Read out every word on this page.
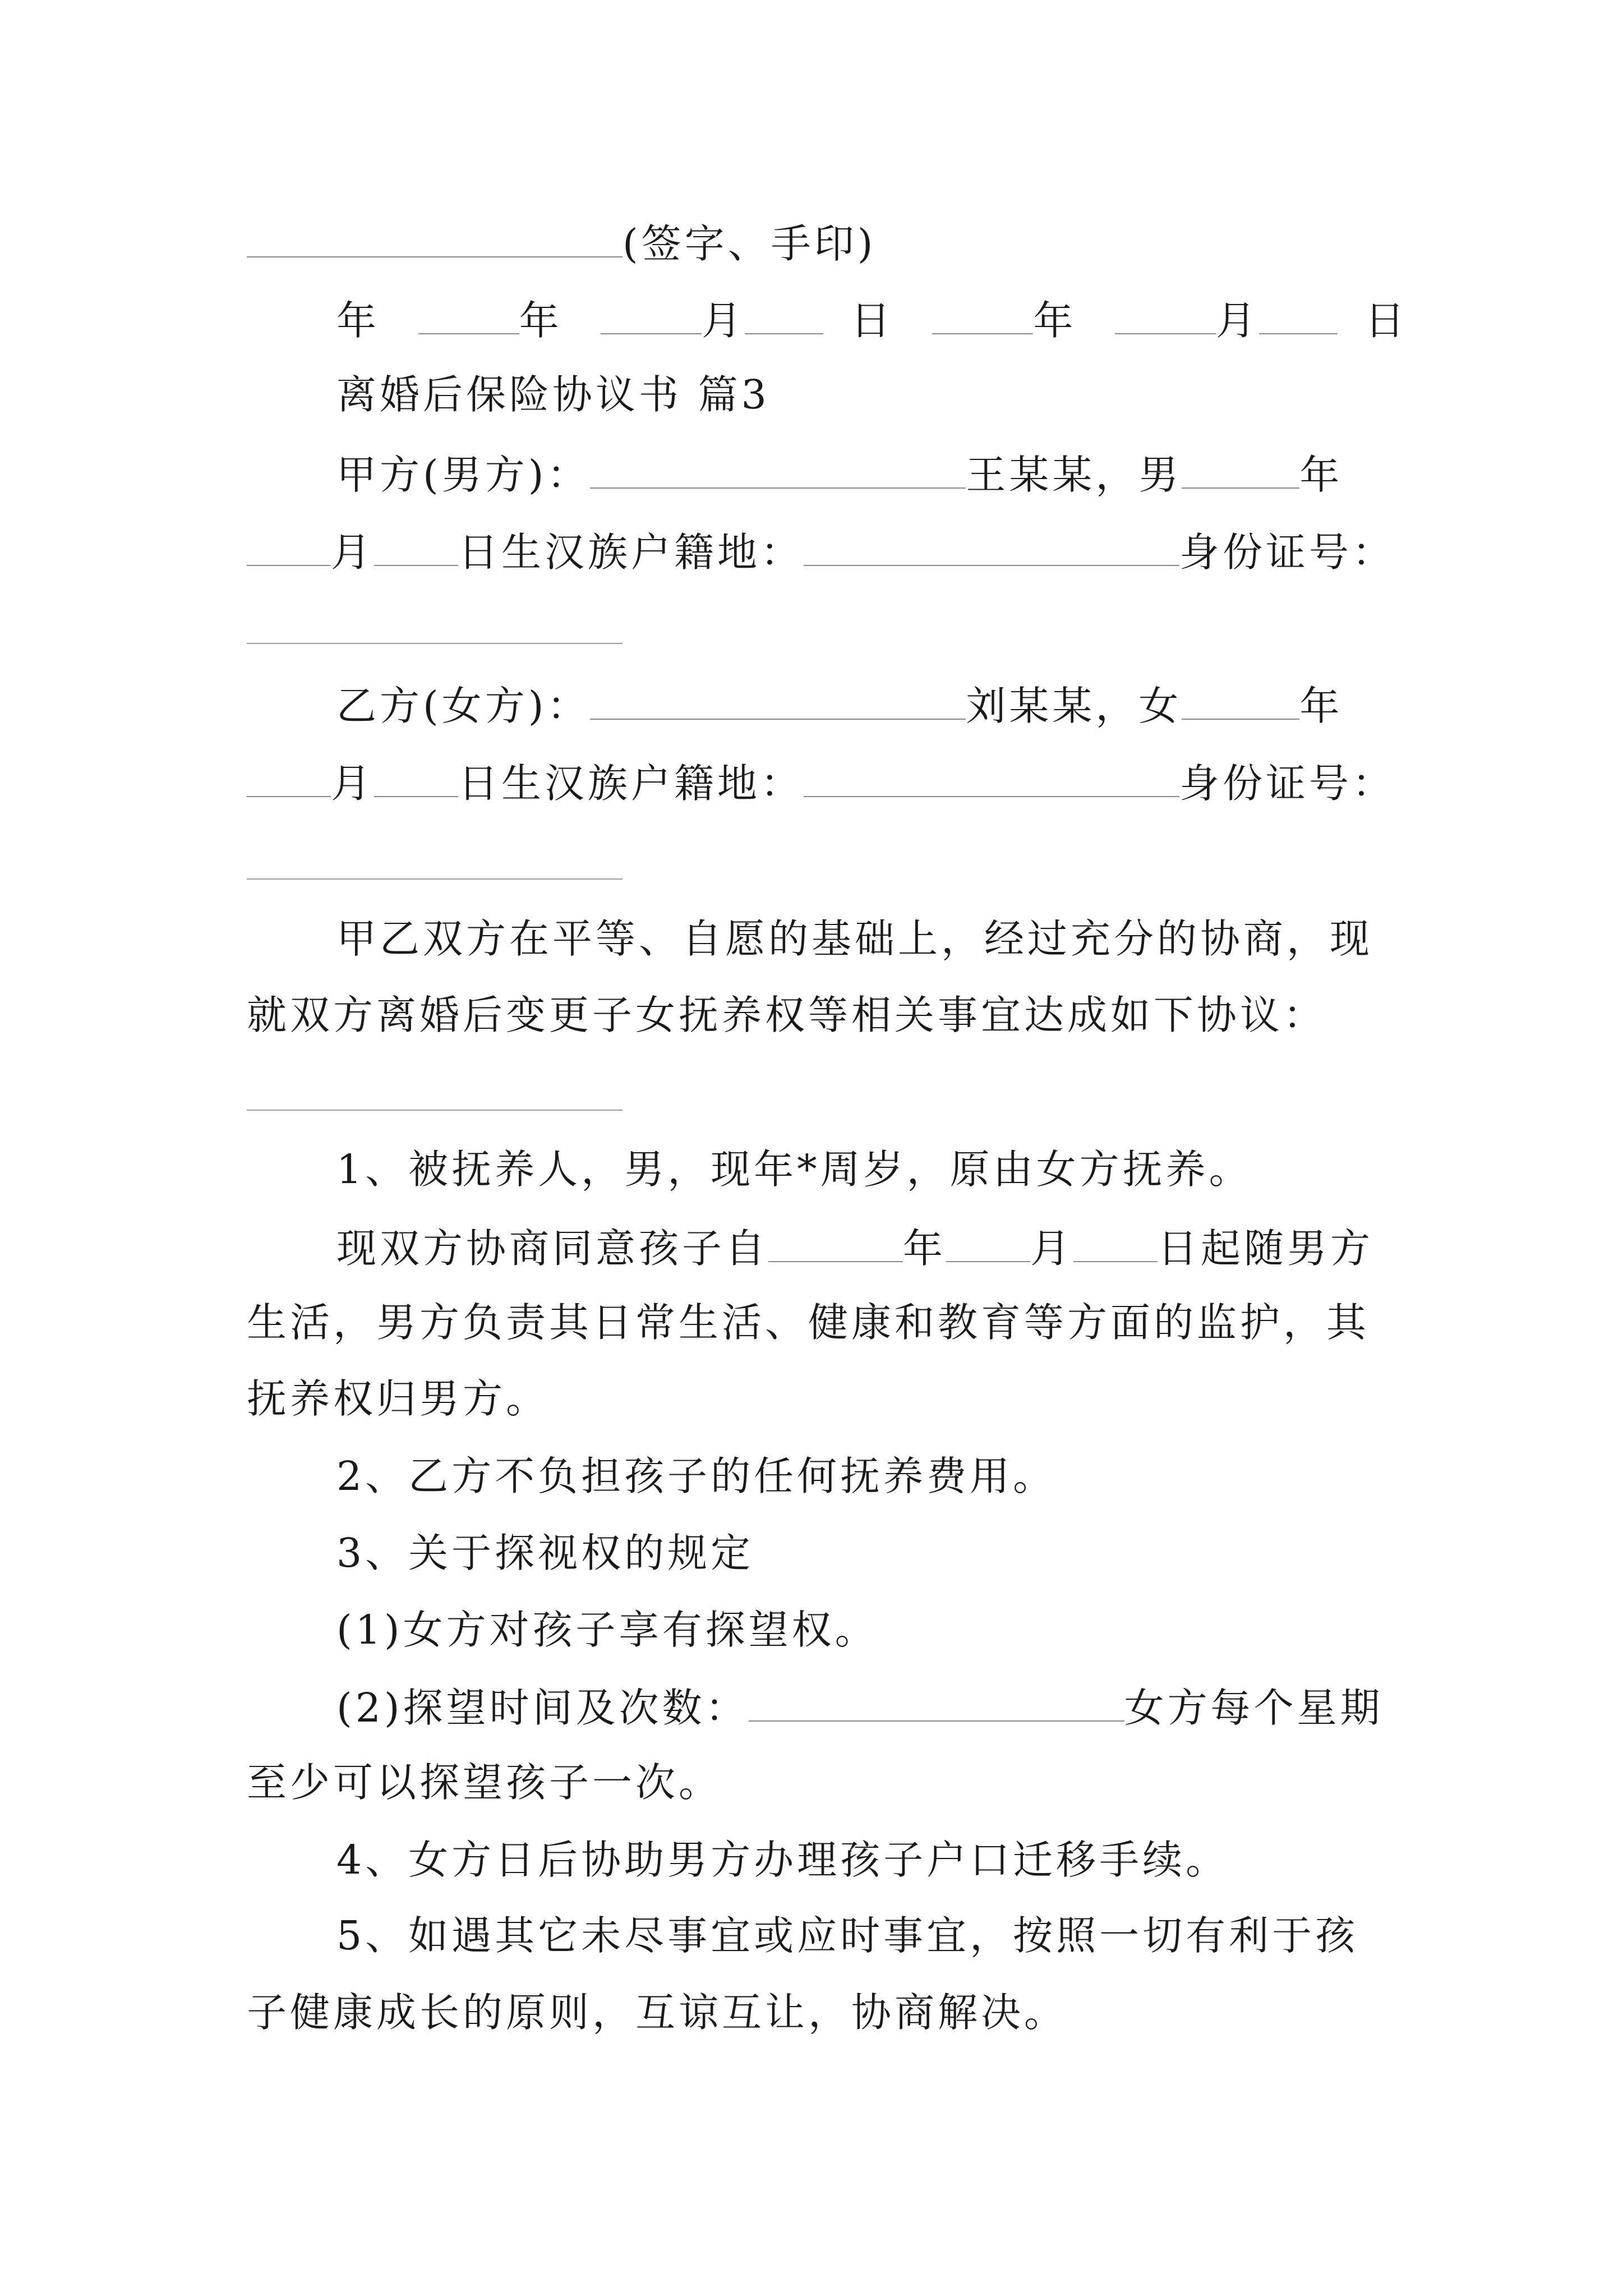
(签字、手印)
年	年	月	日	年	月	日
离婚后保险协议书 篇3
甲方(男方)：	王某某，男	年
月 日生汉族户籍地：	身份证号：
乙方(女方)：	刘某某，女	年
月 日生汉族户籍地：	身份证号：
甲乙双方在平等、自愿的基础上，经过充分的协商，现
就双方离婚后变更子女抚养权等相关事宜达成如下协议：
1、被抚养人，男，现年*周岁，原由女方抚养。
现双方协商同意孩子自	年 月 日起随男方
生活，男方负责其日常生活、健康和教育等方面的监护，其
抚养权归男方。
2、乙方不负担孩子的任何抚养费用。
3、关于探视权的规定
(1)女方对孩子享有探望权。
(2)探望时间及次数：	女方每个星期
至少可以探望孩子一次。
4、女方日后协助男方办理孩子户口迁移手续。
5、如遇其它未尽事宜或应时事宜，按照一切有利于孩
子健康成长的原则，互谅互让，协商解决。
